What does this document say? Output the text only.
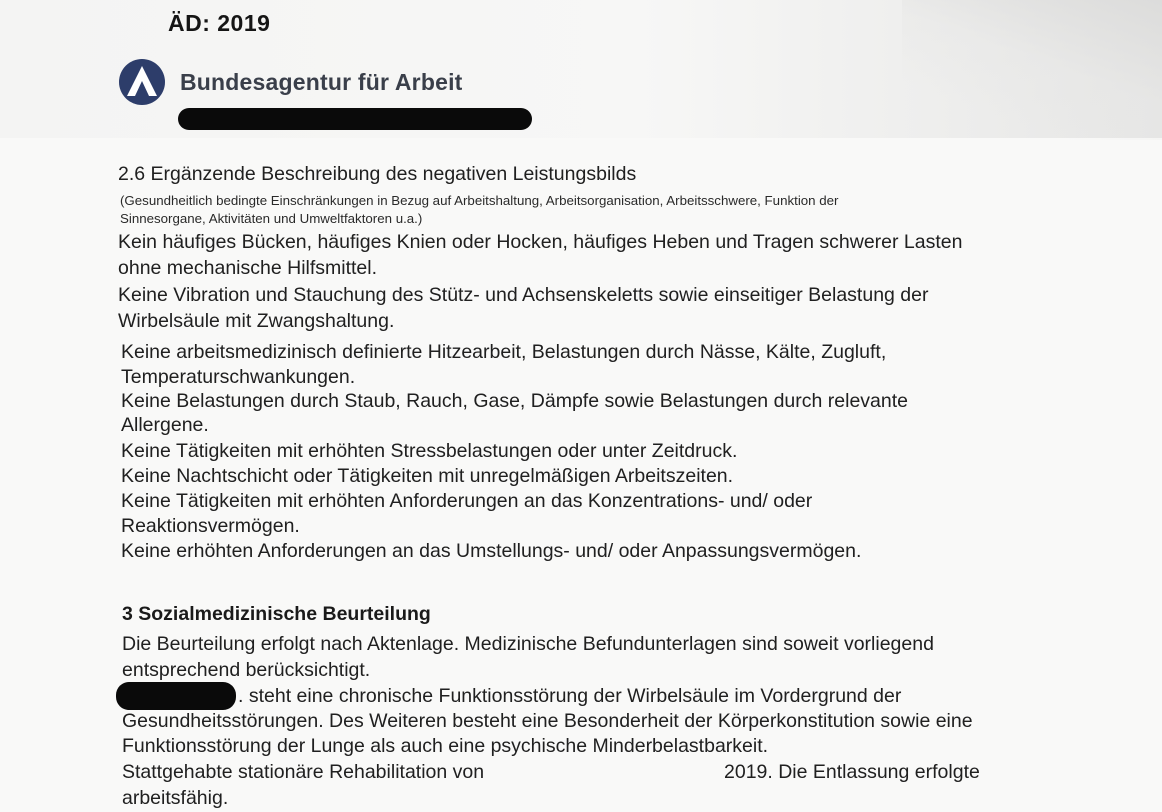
ÄD: 2019
Bundesagentur für Arbeit
2.6 Ergänzende Beschreibung des negativen Leistungsbilds
(Gesundheitlich bedingte Einschränkungen in Bezug auf Arbeitshaltung, Arbeitsorganisation, Arbeitsschwere, Funktion der
Sinnesorgane, Aktivitäten und Umweltfaktoren u.a.)
Kein häufiges Bücken, häufiges Knien oder Hocken, häufiges Heben und Tragen schwerer Lasten
ohne mechanische Hilfsmittel.
Keine Vibration und Stauchung des Stütz- und Achsenskeletts sowie einseitiger Belastung der
Wirbelsäule mit Zwangshaltung.
Keine arbeitsmedizinisch definierte Hitzearbeit, Belastungen durch Nässe, Kälte, Zugluft,
Temperaturschwankungen.
Keine Belastungen durch Staub, Rauch, Gase, Dämpfe sowie Belastungen durch relevante
Allergene.
Keine Tätigkeiten mit erhöhten Stressbelastungen oder unter Zeitdruck.
Keine Nachtschicht oder Tätigkeiten mit unregelmäßigen Arbeitszeiten.
Keine Tätigkeiten mit erhöhten Anforderungen an das Konzentrations- und/ oder
Reaktionsvermögen.
Keine erhöhten Anforderungen an das Umstellungs- und/ oder Anpassungsvermögen.
3 Sozialmedizinische Beurteilung
Die Beurteilung erfolgt nach Aktenlage. Medizinische Befundunterlagen sind soweit vorliegend
entsprechend berücksichtigt.
. steht eine chronische Funktionsstörung der Wirbelsäule im Vordergrund der
Gesundheitsstörungen. Des Weiteren besteht eine Besonderheit der Körperkonstitution sowie eine
Funktionsstörung der Lunge als auch eine psychische Minderbelastbarkeit.
Stattgehabte stationäre Rehabilitation von	2019. Die Entlassung erfolgte
arbeitsfähig.
